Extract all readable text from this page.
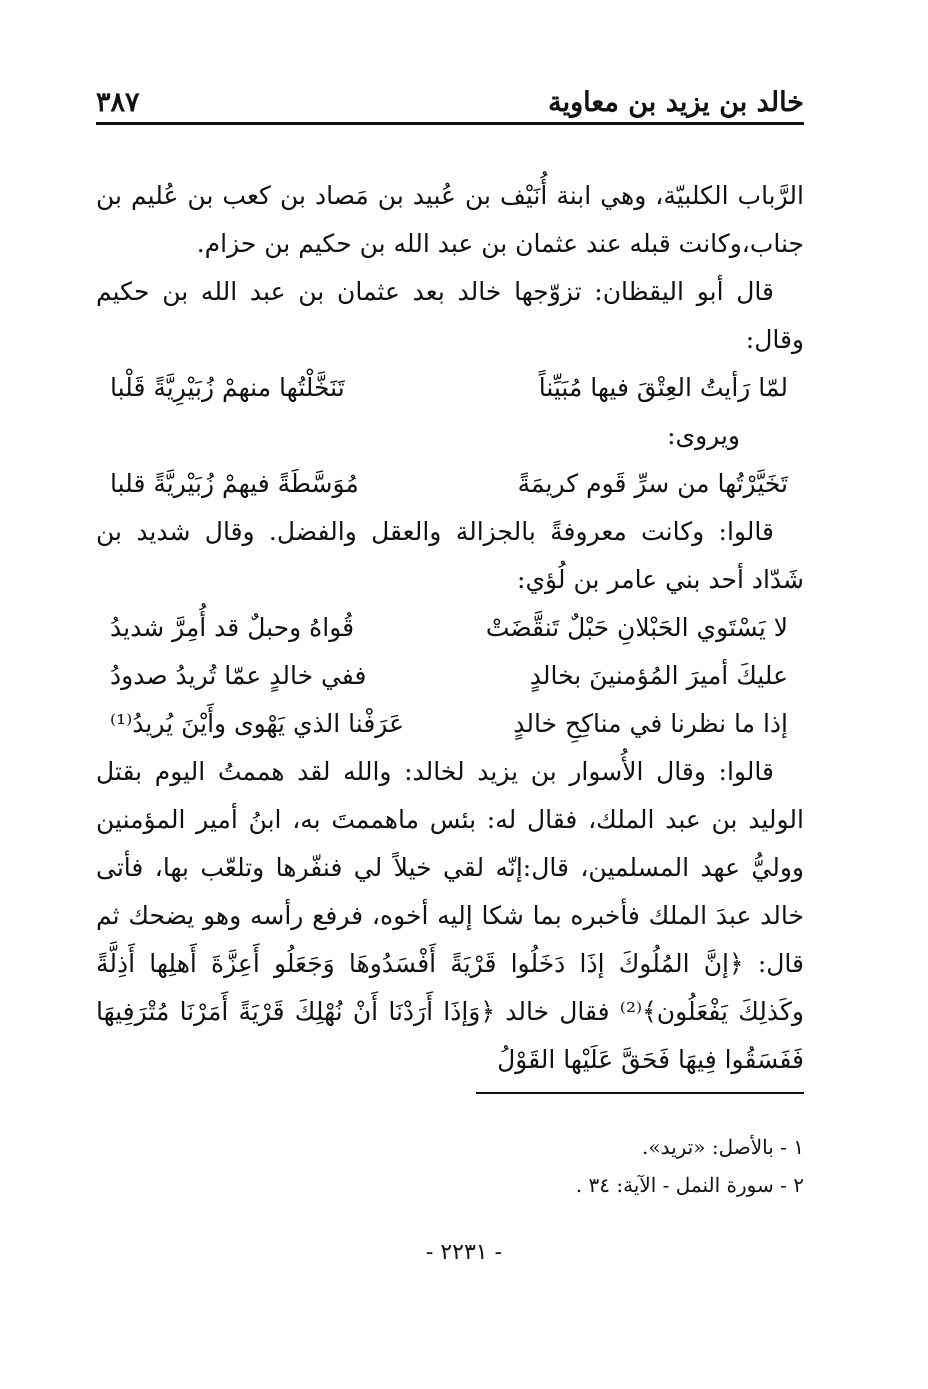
خالد بن يزيد بن معاوية
٣٨٧

الرَّباب الكلبيّة، وهي ابنة أُنَيْف بن عُبيد بن مَصاد بن كعب بن عُليم بن جناب،وكانت قبله عند عثمان بن عبد الله بن حكيم بن حزام.

قال أبو اليقظان: تزوّجها خالد بعد عثمان بن عبد الله بن حكيم وقال:

لمّا رَأيتُ العِتْقَ فيها مُبَيِّناً
تَنَخَّلْتُها منهمْ زُبَيْرِيَّةً قَلْبا

ويروى:

تَخَيَّرْتُها من سرِّ قَوم كريمَةً
مُوَسَّطَةً فيهمْ زُبَيْريَّةً قلبا

قالوا: وكانت معروفةً بالجزالة والعقل والفضل. وقال شديد بن شَدّاد أحد بني عامر بن لُؤي:

لا يَسْتَوي الحَبْلانِ حَبْلٌ تَنقَّضَتْ
قُواهُ وحبلٌ قد أُمِرَّ شديدُ
عليكَ أميرَ المُؤمنينَ بخالدٍ
ففي خالدٍ عمّا تُريدُ صدودُ
إذا ما نظرنا في مناكِحِ خالدٍ
عَرَفْنا الذي يَهْوى وأَيْنَ يُريدُ⁽¹⁾

قالوا: وقال الأُسوار بن يزيد لخالد: والله لقد هممتُ اليوم بقتل الوليد بن عبد الملك، فقال له: بئس ماهممتَ به، ابنُ أمير المؤمنين ووليُّ عهد المسلمين، قال:إنّه لقي خيلاً لي فنفّرها وتلعّب بها، فأتى خالد عبدَ الملك فأخبره بما شكا إليه أخوه، فرفع رأسه وهو يضحك ثم قال: ﴿إنَّ المُلُوكَ إذَا دَخَلُوا قَرْيَةً أَفْسَدُوهَا وَجَعَلُو أَعِزَّةَ أَهلِها أَذِلَّةً وكَذلِكَ يَفْعَلُون﴾⁽²⁾ فقال خالد ﴿وَإذَا أَرَدْنَا أَنْ نُهْلِكَ قَرْيَةً أَمَرْنَا مُتْرَفِيهَا فَفَسَقُوا فِيهَا فَحَقَّ عَلَيْها القَوْلُ

١ - بالأصل: «تريد».

٢ - سورة النمل - الآية: ٣٤ .

- ٢٢٣١ -
